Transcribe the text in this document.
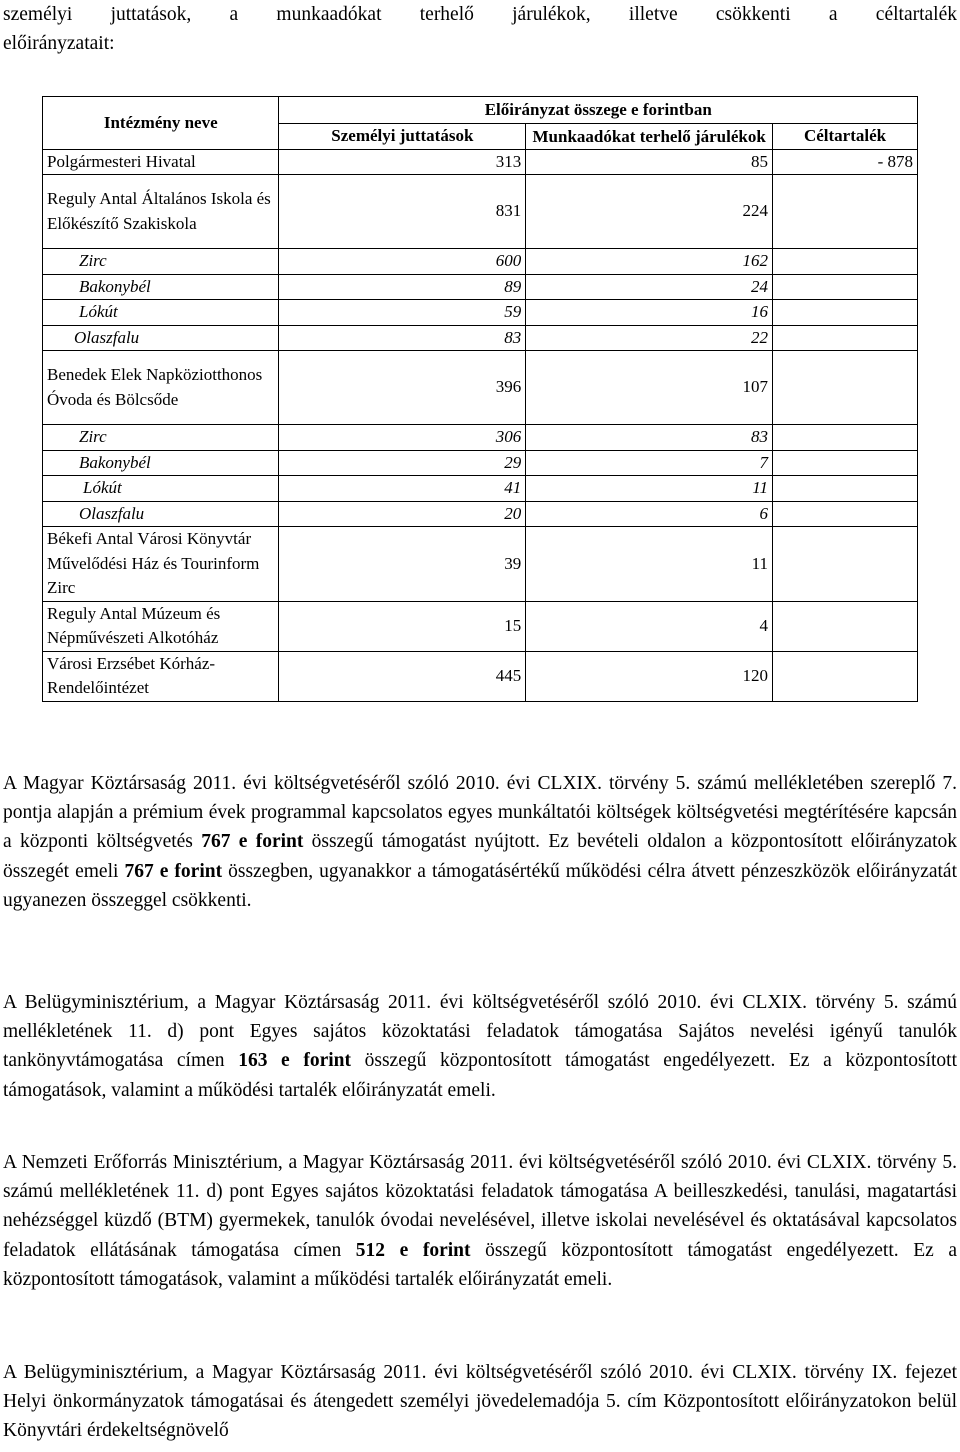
személyi juttatások, a munkaadókat terhelő járulékok, illetve csökkenti a céltartalék
előirányzatait:
Intézmény neve	Előirányzat összege e forintban		
	Személyi juttatások	Munkaadókat terhelő járulékok	Céltartalék
Polgármesteri Hivatal	313	85	- 878
Reguly Antal Általános Iskola és Előkészítő Szakiskola	831	224	
Zirc	600	162	
Bakonybél	89	24	
Lókút	59	16	
Olaszfalu	83	22	
Benedek Elek Napköziotthonos Óvoda és Bölcsőde	396	107	
Zirc	306	83	
Bakonybél	29	7	
Lókút	41	11	
Olaszfalu	20	6	
Békefi Antal Városi Könyvtár Művelődési Ház és Tourinform Zirc	39	11	
Reguly Antal Múzeum és Népművészeti Alkotóház	15	4	
Városi Erzsébet Kórház-Rendelőintézet	445	120	

A Magyar Köztársaság 2011. évi költségvetéséről szóló 2010. évi CLXIX. törvény 5. számú mellékletében szereplő 7. pontja alapján a prémium évek programmal kapcsolatos egyes munkáltatói költségek költségvetési megtérítésére kapcsán a központi költségvetés 767 e forint összegű támogatást nyújtott. Ez bevételi oldalon a központosított előirányzatok összegét emeli 767 e forint összegben, ugyanakkor a támogatásértékű működési célra átvett pénzeszközök előirányzatát ugyanezen összeggel csökkenti.

A Belügyminisztérium, a Magyar Köztársaság 2011. évi költségvetéséről szóló 2010. évi CLXIX. törvény 5. számú mellékletének 11. d) pont Egyes sajátos közoktatási feladatok támogatása Sajátos nevelési igényű tanulók tankönyvtámogatása címen 163 e forint összegű központosított támogatást engedélyezett. Ez a központosított támogatások, valamint a működési tartalék előirányzatát emeli.

A Nemzeti Erőforrás Minisztérium, a Magyar Köztársaság 2011. évi költségvetéséről szóló 2010. évi CLXIX. törvény 5. számú mellékletének 11. d) pont Egyes sajátos közoktatási feladatok támogatása A beilleszkedési, tanulási, magatartási nehézséggel küzdő (BTM) gyermekek, tanulók óvodai nevelésével, illetve iskolai nevelésével és oktatásával kapcsolatos feladatok ellátásának támogatása címen 512 e forint összegű központosított támogatást engedélyezett. Ez a központosított támogatások, valamint a működési tartalék előirányzatát emeli.

A Belügyminisztérium, a Magyar Köztársaság 2011. évi költségvetéséről szóló 2010. évi CLXIX. törvény IX. fejezet Helyi önkormányzatok támogatásai és átengedett személyi jövedelemadója 5. cím Központosított előirányzatokon belül Könyvtári érdekeltségnövelő
